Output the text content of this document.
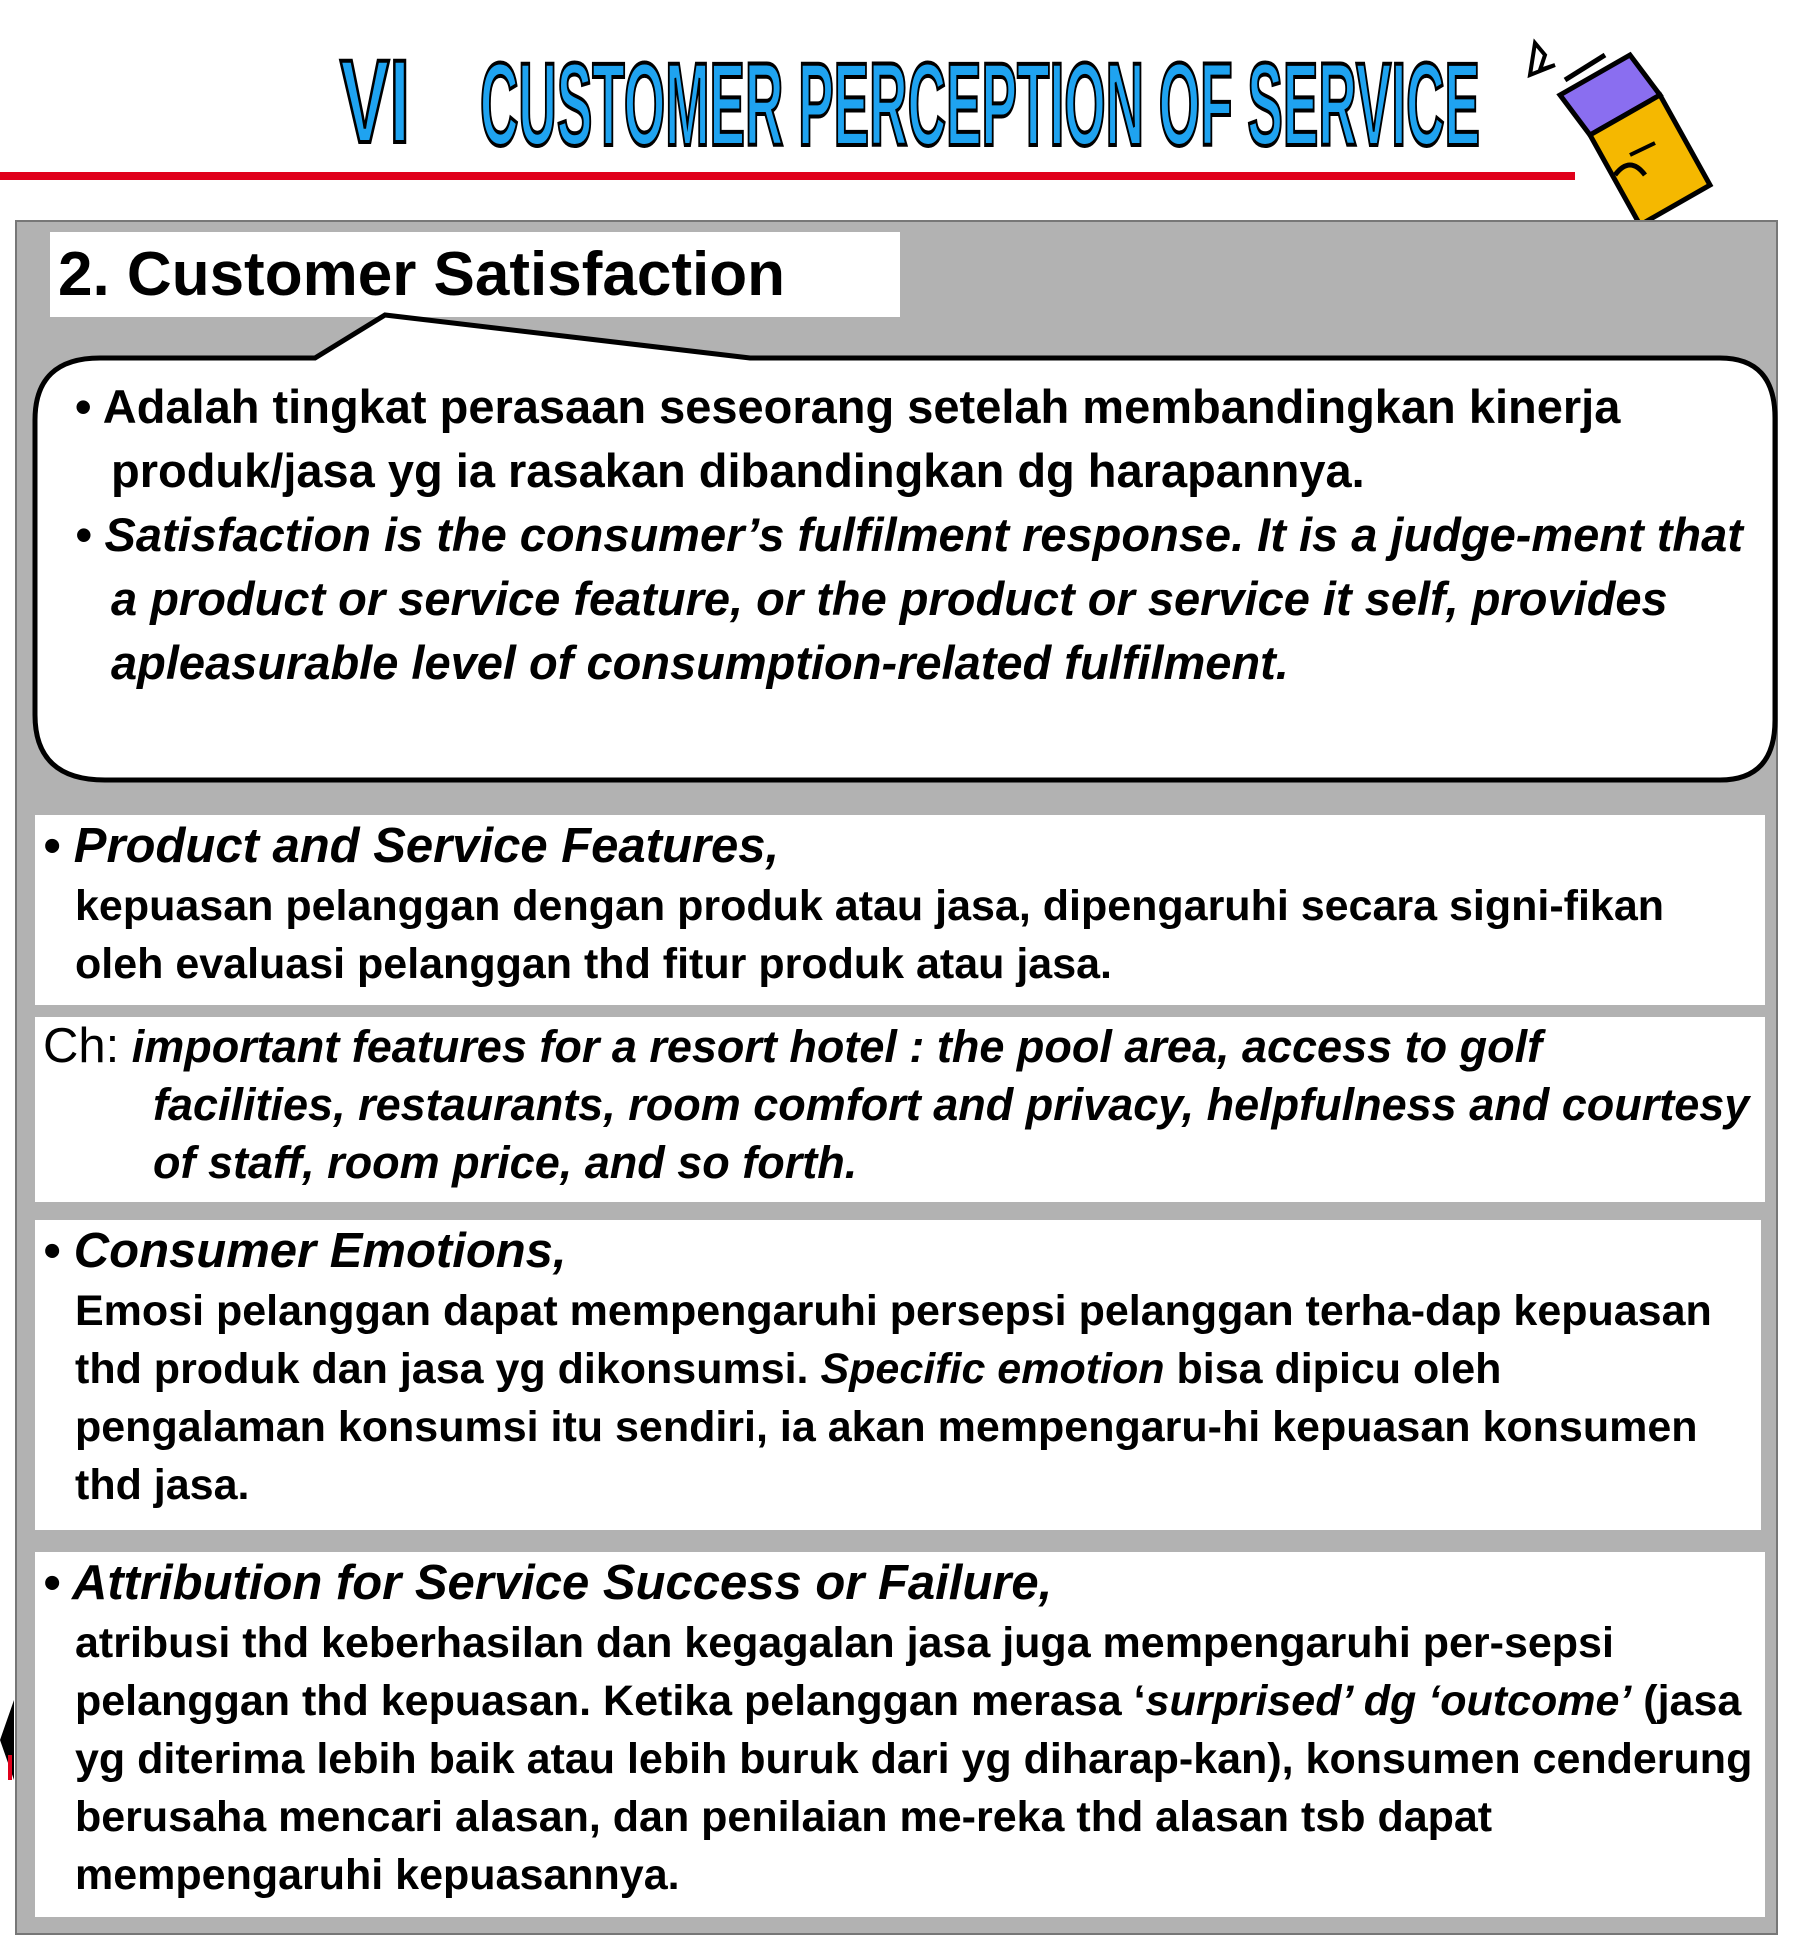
VI CUSTOMER PERCEPTION OF SERVICE
2. Customer Satisfaction

• Adalah tingkat perasaan seseorang setelah membandingkan kinerja produk/jasa yg ia rasakan dibandingkan dg harapannya.

• Satisfaction is the consumer’s fulfilment response. It is a judge-ment that a product or service feature, or the product or service it self, provides apleasurable level of consumption-related fulfilment.

• Product and Service Features,
kepuasan pelanggan dengan produk atau jasa, dipengaruhi secara signi-fikan oleh evaluasi pelanggan thd fitur produk atau jasa.
Ch: important features for a resort hotel : the pool area, access to golf
facilities, restaurants, room comfort and privacy, helpfulness and courtesy of staff, room price, and so forth.
• Consumer Emotions,
Emosi pelanggan dapat mempengaruhi persepsi pelanggan terha-dap kepuasan thd produk dan jasa yg dikonsumsi. Specific emotion bisa dipicu oleh pengalaman konsumsi itu sendiri, ia akan mempengaru-hi kepuasan konsumen thd jasa.
• Attribution for Service Success or Failure,
atribusi thd keberhasilan dan kegagalan jasa juga mempengaruhi per-sepsi pelanggan thd kepuasan. Ketika pelanggan merasa ‘surprised’ dg ‘outcome’ (jasa yg diterima lebih baik atau lebih buruk dari yg diharap-kan), konsumen cenderung berusaha mencari alasan, dan penilaian me-reka thd alasan tsb dapat mempengaruhi kepuasannya.
